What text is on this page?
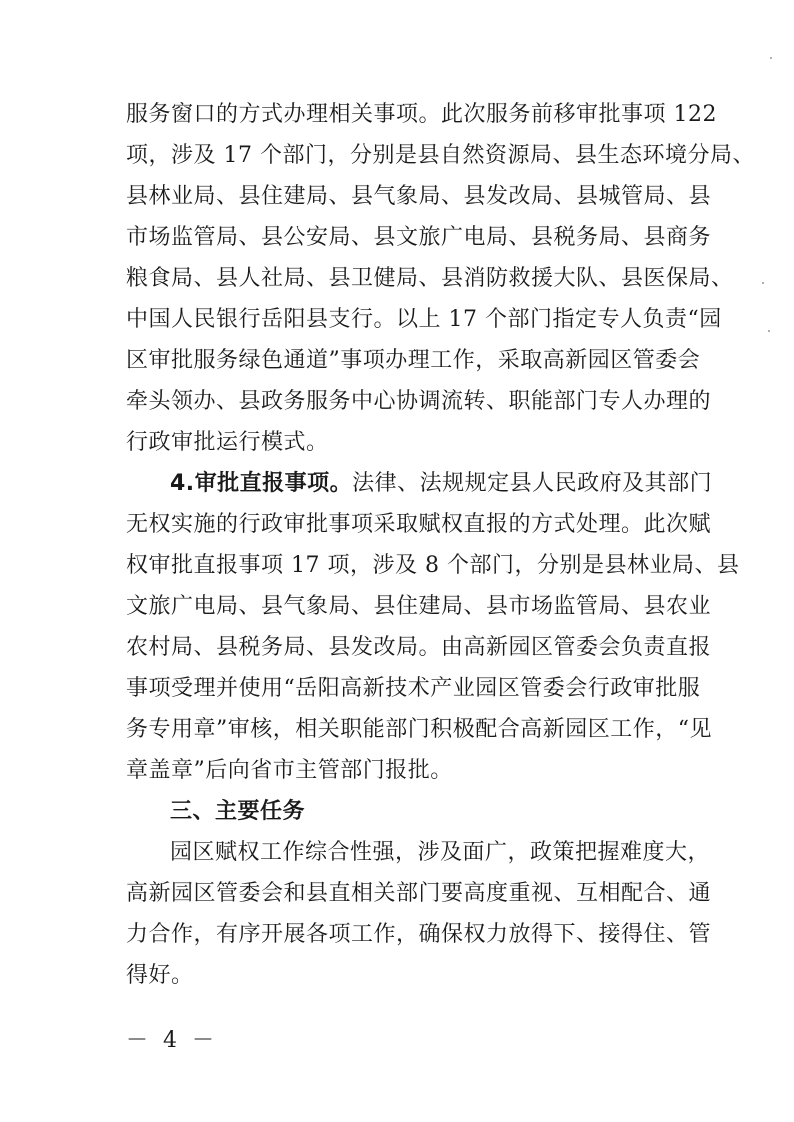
服务窗口的方式办理相关事项。此次服务前移审批事项 122
项，涉及 17 个部门，分别是县自然资源局、县生态环境分局、
县林业局、县住建局、县气象局、县发改局、县城管局、县
市场监管局、县公安局、县文旅广电局、县税务局、县商务
粮食局、县人社局、县卫健局、县消防救援大队、县医保局、
中国人民银行岳阳县支行。以上 17 个部门指定专人负责“园
区审批服务绿色通道”事项办理工作，采取高新园区管委会
牵头领办、县政务服务中心协调流转、职能部门专人办理的
行政审批运行模式。
4.审批直报事项。法律、法规规定县人民政府及其部门
无权实施的行政审批事项采取赋权直报的方式处理。此次赋
权审批直报事项 17 项，涉及 8 个部门，分别是县林业局、县
文旅广电局、县气象局、县住建局、县市场监管局、县农业
农村局、县税务局、县发改局。由高新园区管委会负责直报
事项受理并使用“岳阳高新技术产业园区管委会行政审批服
务专用章”审核，相关职能部门积极配合高新园区工作，“见
章盖章”后向省市主管部门报批。
三、主要任务
园区赋权工作综合性强，涉及面广，政策把握难度大，
高新园区管委会和县直相关部门要高度重视、互相配合、通
力合作，有序开展各项工作，确保权力放得下、接得住、管
得好。
－ 4 －
